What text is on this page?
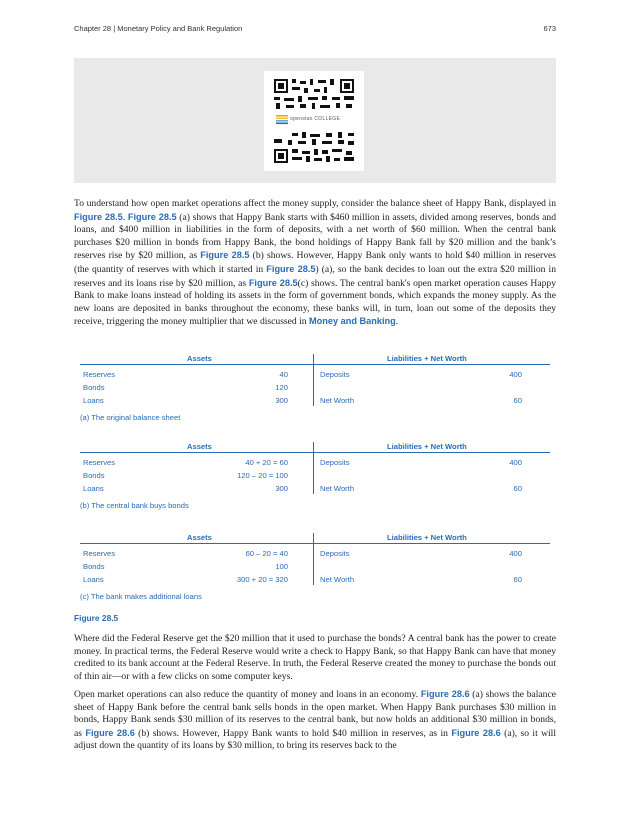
Chapter 28 | Monetary Policy and Bank Regulation	673
openstax COLLEGE

To understand how open market operations affect the money supply, consider the balance sheet of Happy Bank, displayed in Figure 28.5. Figure 28.5 (a) shows that Happy Bank starts with $460 million in assets, divided among reserves, bonds and loans, and $400 million in liabilities in the form of deposits, with a net worth of $60 million. When the central bank purchases $20 million in bonds from Happy Bank, the bond holdings of Happy Bank fall by $20 million and the bank’s reserves rise by $20 million, as Figure 28.5 (b) shows. However, Happy Bank only wants to hold $40 million in reserves (the quantity of reserves with which it started in Figure 28.5) (a), so the bank decides to loan out the extra $20 million in reserves and its loans rise by $20 million, as Figure 28.5(c) shows. The central bank's open market operation causes Happy Bank to make loans instead of holding its assets in the form of government bonds, which expands the money supply. As the new loans are deposited in banks throughout the economy, these banks will, in turn, loan out some of the deposits they receive, triggering the money multiplier that we discussed in Money and Banking.

Assets	Liabilities + Net Worth
Reserves	40	Deposits	400
Bonds	120
Loans	300	Net Worth	60
(a) The original balance sheet
Assets	Liabilities + Net Worth
Reserves	40 + 20 = 60	Deposits	400
Bonds	120 – 20 = 100
Loans	300	Net Worth	60
(b) The central bank buys bonds
Assets	Liabilities + Net Worth
Reserves	60 – 20 = 40	Deposits	400
Bonds	100
Loans	300 + 20 = 320	Net Worth	60
(c) The bank makes additional loans
Figure 28.5

Where did the Federal Reserve get the $20 million that it used to purchase the bonds? A central bank has the power to create money. In practical terms, the Federal Reserve would write a check to Happy Bank, so that Happy Bank can have that money credited to its bank account at the Federal Reserve. In truth, the Federal Reserve created the money to purchase the bonds out of thin air—or with a few clicks on some computer keys.

Open market operations can also reduce the quantity of money and loans in an economy. Figure 28.6 (a) shows the balance sheet of Happy Bank before the central bank sells bonds in the open market. When Happy Bank purchases $30 million in bonds, Happy Bank sends $30 million of its reserves to the central bank, but now holds an additional $30 million in bonds, as Figure 28.6 (b) shows. However, Happy Bank wants to hold $40 million in reserves, as in Figure 28.6 (a), so it will adjust down the quantity of its loans by $30 million, to bring its reserves back to the
